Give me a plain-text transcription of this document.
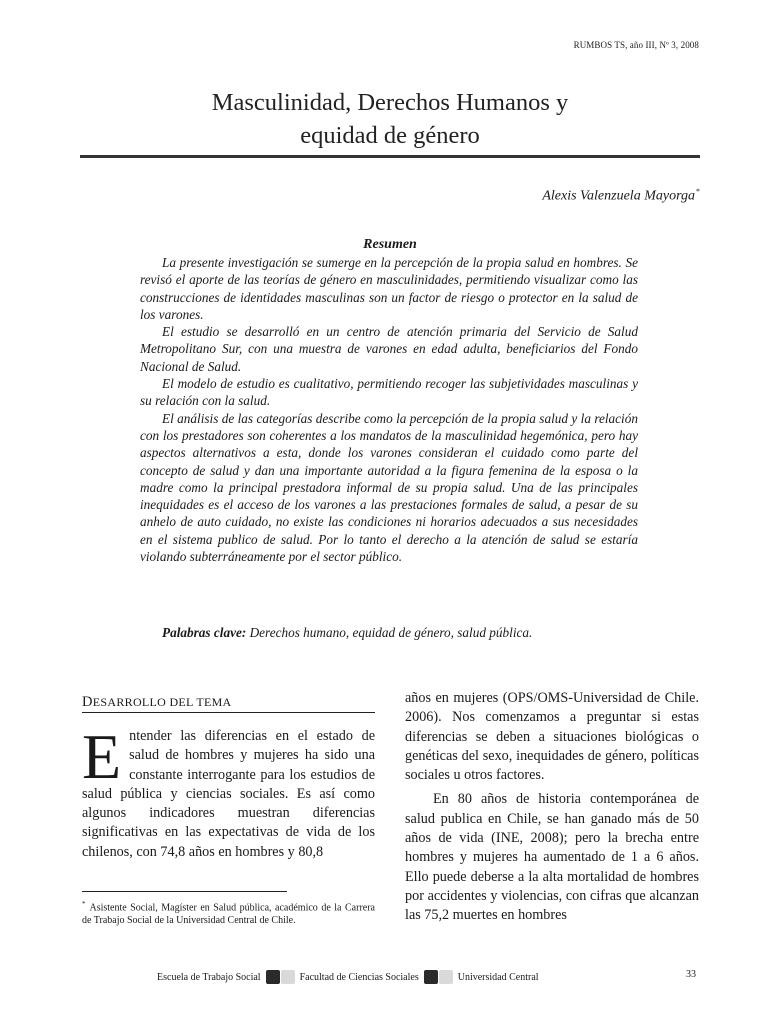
RUMBOS TS, año III, Nº 3, 2008
Masculinidad, Derechos Humanos y
equidad de género
Alexis Valenzuela Mayorga*
Resumen

La presente investigación se sumerge en la percepción de la propia salud en hombres. Se revisó el aporte de las teorías de género en masculinidades, permitiendo visualizar como las construcciones de identidades masculinas son un factor de riesgo o protector en la salud de los varones.

El estudio se desarrolló en un centro de atención primaria del Servicio de Salud Metropolitano Sur, con una muestra de varones en edad adulta, beneficiarios del Fondo Nacional de Salud.

El modelo de estudio es cualitativo, permitiendo recoger las subjetividades masculinas y su relación con la salud.

El análisis de las categorías describe como la percepción de la propia salud y la relación con los prestadores son coherentes a los mandatos de la masculinidad hegemónica, pero hay aspectos alternativos a esta, donde los varones consideran el cuidado como parte del concepto de salud y dan una importante autoridad a la figura femenina de la esposa o la madre como la principal prestadora informal de su propia salud. Una de las principales inequidades es el acceso de los varones a las prestaciones formales de salud, a pesar de su anhelo de auto cuidado, no existe las condiciones ni horarios adecuados a sus necesidades en el sistema publico de salud. Por lo tanto el derecho a la atención de salud se estaría violando subterráneamente por el sector público.

Palabras clave: Derechos humano, equidad de género, salud pública.
DESARROLLO DEL TEMA

Entender las diferencias en el estado de salud de hombres y mujeres ha sido una constante interrogante para los estudios de salud pública y ciencias sociales. Es así como algunos indicadores muestran diferencias significativas en las expectativas de vida de los chilenos, con 74,8 años en hombres y 80,8

años en mujeres (OPS/OMS-Universidad de Chile. 2006). Nos comenzamos a preguntar si estas diferencias se deben a situaciones biológicas o genéticas del sexo, inequidades de género, políticas sociales u otros factores.

En 80 años de historia contemporánea de salud publica en Chile, se han ganado más de 50 años de vida (INE, 2008); pero la brecha entre hombres y mujeres ha aumentado de 1 a 6 años. Ello puede deberse a la alta mortalidad de hombres por accidentes y violencias, con cifras que alcanzan las 75,2 muertes en hombres

* Asistente Social, Magíster en Salud pública, académico de la Carrera de Trabajo Social de la Universidad Central de Chile.
Escuela de Trabajo Social	Facultad de Ciencias Sociales	Universidad Central	33
